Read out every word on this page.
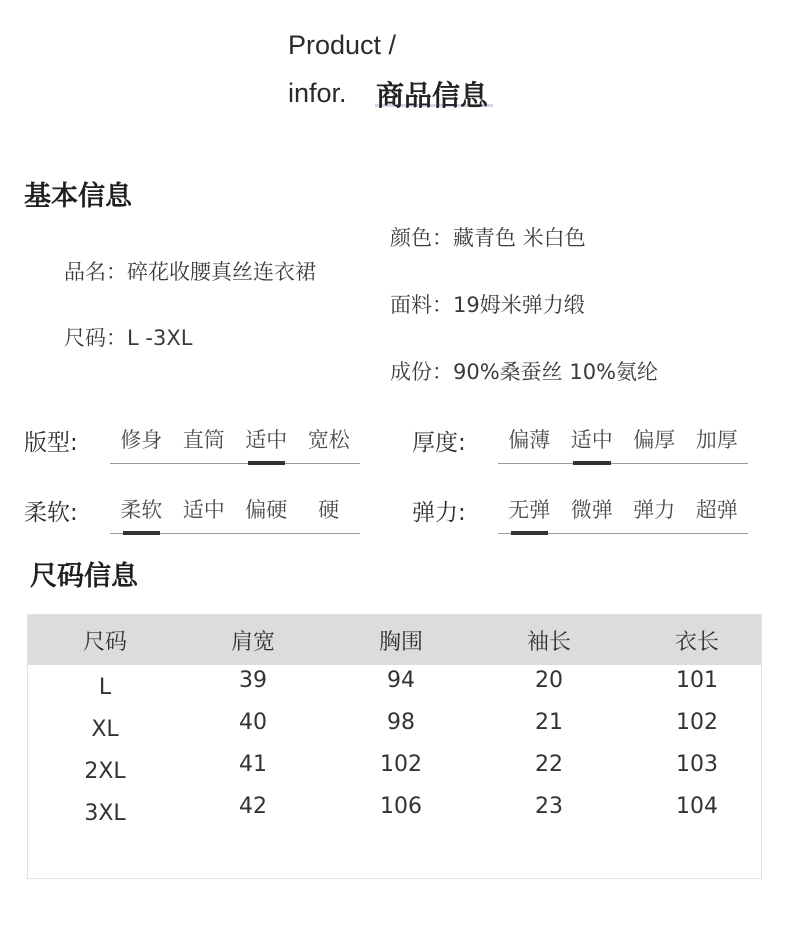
Product /
infor. 商品信息
基本信息
颜色：藏青色 米白色
品名：碎花收腰真丝连衣裙
面料：19姆米弹力缎
尺码：L -3XL
成份：90%桑蚕丝 10%氨纶
版型:	修身 直筒 适中 宽松	厚度:	偏薄 适中 偏厚 加厚
柔软:	柔软 适中 偏硬	硬	弹力:	无弹 微弹 弹力 超弹
尺码信息
尺码	肩宽	胸围	袖长	衣长
L	39	94	20	101
XL	40	98	21	102
2XL	41	102	22	103
3XL	42	106	23	104
